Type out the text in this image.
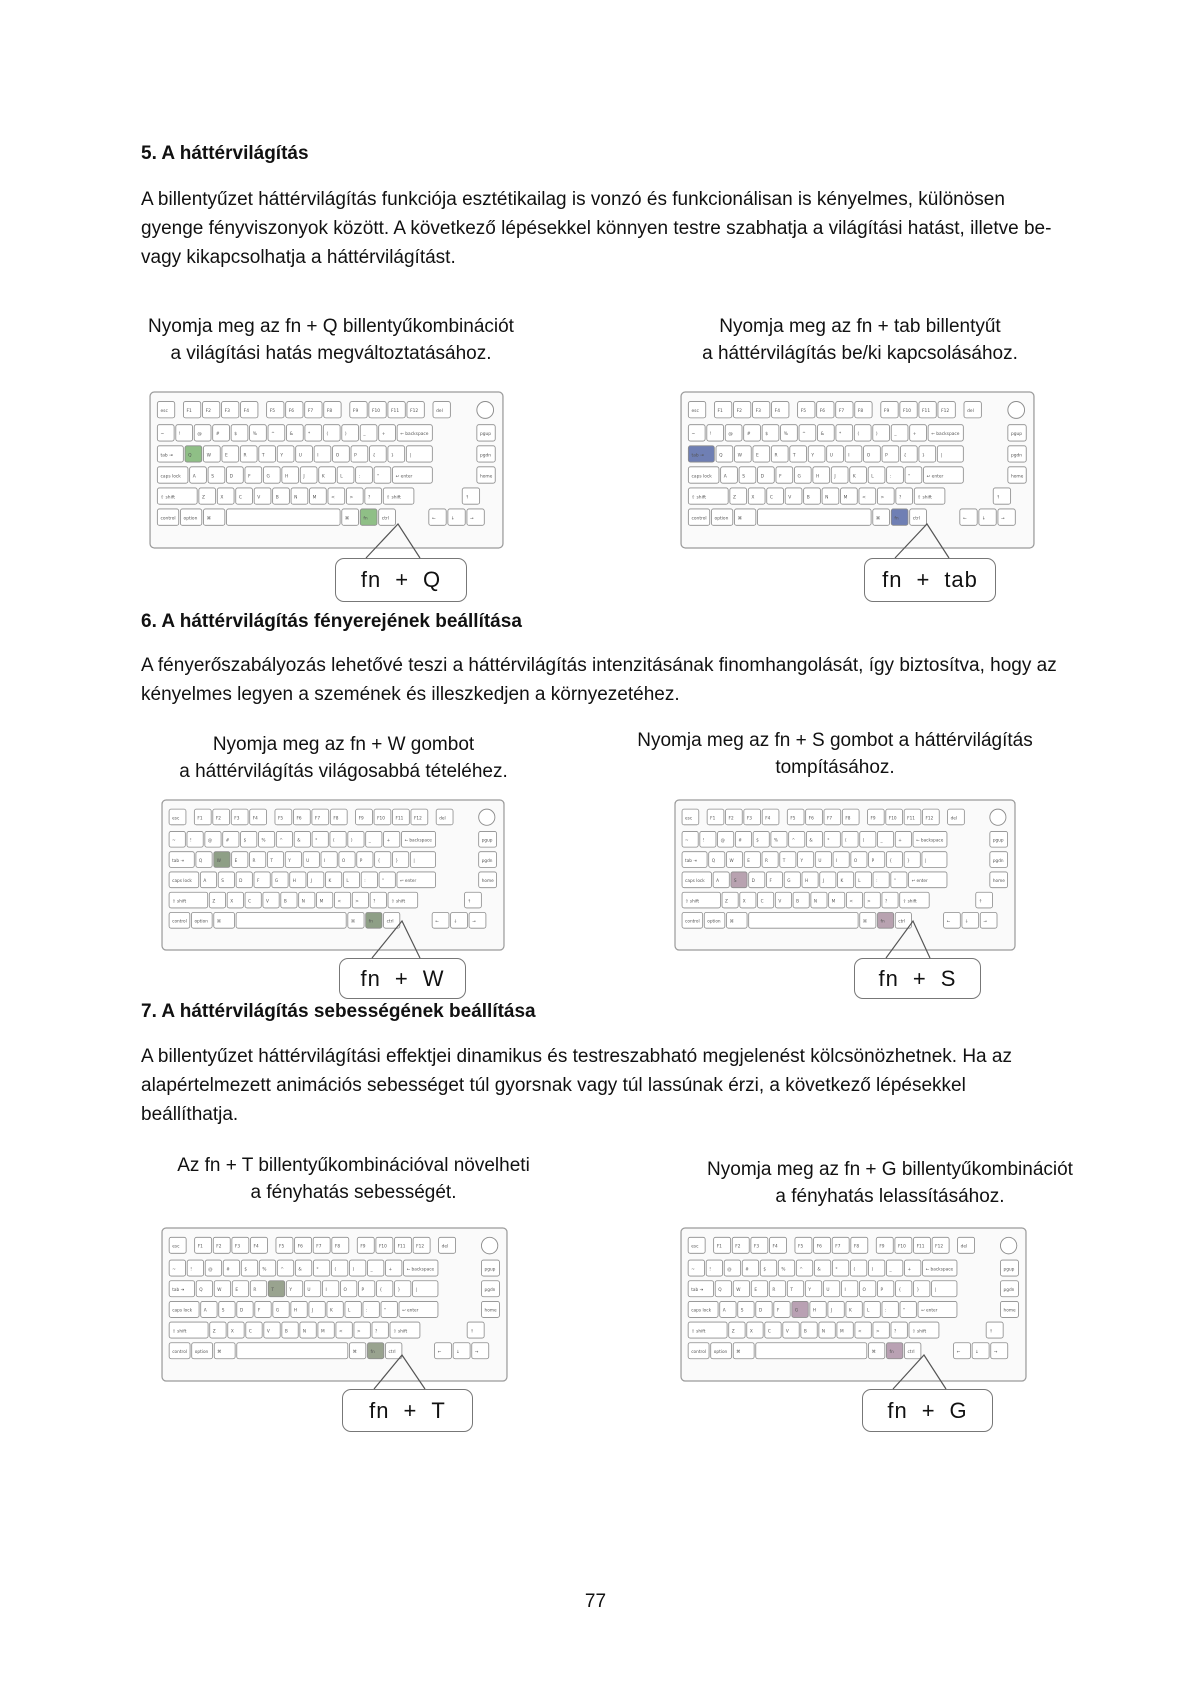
5. A háttérvilágítás

A billentyűzet háttérvilágítás funkciója esztétikailag is vonzó és funkcionálisan is kényelmes, különösen gyenge fényviszonyok között. A következő lépésekkel könnyen testre szabhatja a világítási hatást, illetve be- vagy kikapcsolhatja a háttérvilágítást.

Nyomja meg az fn + Q billentyűkombinációt
a világítási hatás megváltoztatásához.
Nyomja meg az fn + tab billentyűt
a háttérvilágítás be/ki kapcsolásához.
esc	F1	F2	F3	F4	F5	F6	F7	F8	F9	F10	F11	F12	del
~	!	@	#	$	%	^	&	*	(	)	_	+	← backspace	pgup
tab ⇥	Q	W	E	R	T	Y	U	I	O	P	{	}	|	pgdn
caps lock	A	S	D	F	G	H	J	K	L	:	"	↩ enter	home
⇧ shift	Z	X	C	V	B	N	M	<	>	?	⇧ shift	↑
control option ⌘	⌘	fn	ctrl	←	↓	→
esc	F1	F2	F3	F4	F5	F6	F7	F8	F9	F10	F11	F12	del
~	!	@	#	$	%	^	&	*	(	)	_	+	← backspace	pgup
tab ⇥	Q	W	E	R	T	Y	U	I	O	P	{	}	|	pgdn
caps lock	A	S	D	F	G	H	J	K	L	:	"	↩ enter	home
⇧ shift	Z	X	C	V	B	N	M	<	>	?	⇧ shift	↑
control option ⌘	⌘	fn	ctrl	←	↓	→
fn + Q	fn + tab
6. A háttérvilágítás fényerejének beállítása

A fényerőszabályozás lehetővé teszi a háttérvilágítás intenzitásának finomhangolását, így biztosítva, hogy az kényelmes legyen a szemének és illeszkedjen a környezetéhez.

Nyomja meg az fn + W gombot
a háttérvilágítás világosabbá tételéhez.
Nyomja meg az fn + S gombot a háttérvilágítás
tompításához.
esc	F1	F2	F3	F4	F5	F6	F7	F8	F9	F10	F11	F12	del
~	!	@	#	$	%	^	&	*	(	)	_	+	← backspace	pgup
tab ⇥	Q	W	E	R	T	Y	U	I	O	P	{	}	|	pgdn
caps lock	A	S	D	F	G	H	J	K	L	:	"	↩ enter	home
⇧ shift	Z	X	C	V	B	N	M	<	>	?	⇧ shift	↑
control option ⌘	⌘	fn	ctrl	←	↓	→
esc	F1	F2	F3	F4	F5	F6	F7	F8	F9	F10	F11	F12	del
~	!	@	#	$	%	^	&	*	(	)	_	+	← backspace	pgup
tab ⇥	Q	W	E	R	T	Y	U	I	O	P	{	}	|	pgdn
caps lock	A	S	D	F	G	H	J	K	L	:	"	↩ enter	home
⇧ shift	Z	X	C	V	B	N	M	<	>	?	⇧ shift	↑
control option ⌘	⌘	fn	ctrl	←	↓	→
fn + W	fn + S
7. A háttérvilágítás sebességének beállítása

A billentyűzet háttérvilágítási effektjei dinamikus és testreszabható megjelenést kölcsönözhetnek. Ha az alapértelmezett animációs sebességet túl gyorsnak vagy túl lassúnak érzi, a következő lépésekkel beállíthatja.

Az fn + T billentyűkombinációval növelheti
a fényhatás sebességét.
Nyomja meg az fn + G billentyűkombinációt
a fényhatás lelassításához.
esc	F1	F2	F3	F4	F5	F6	F7	F8	F9	F10	F11	F12	del
~	!	@	#	$	%	^	&	*	(	)	_	+	← backspace	pgup
tab ⇥	Q	W	E	R	T	Y	U	I	O	P	{	}	|	pgdn
caps lock	A	S	D	F	G	H	J	K	L	:	"	↩ enter	home
⇧ shift	Z	X	C	V	B	N	M	<	>	?	⇧ shift	↑
control option ⌘	⌘	fn	ctrl	←	↓	→
esc	F1	F2	F3	F4	F5	F6	F7	F8	F9	F10	F11	F12	del
~	!	@	#	$	%	^	&	*	(	)	_	+	← backspace	pgup
tab ⇥	Q	W	E	R	T	Y	U	I	O	P	{	}	|	pgdn
caps lock	A	S	D	F	G	H	J	K	L	:	"	↩ enter	home
⇧ shift	Z	X	C	V	B	N	M	<	>	?	⇧ shift	↑
control option ⌘	⌘	fn	ctrl	←	↓	→
fn + T	fn + G
77
